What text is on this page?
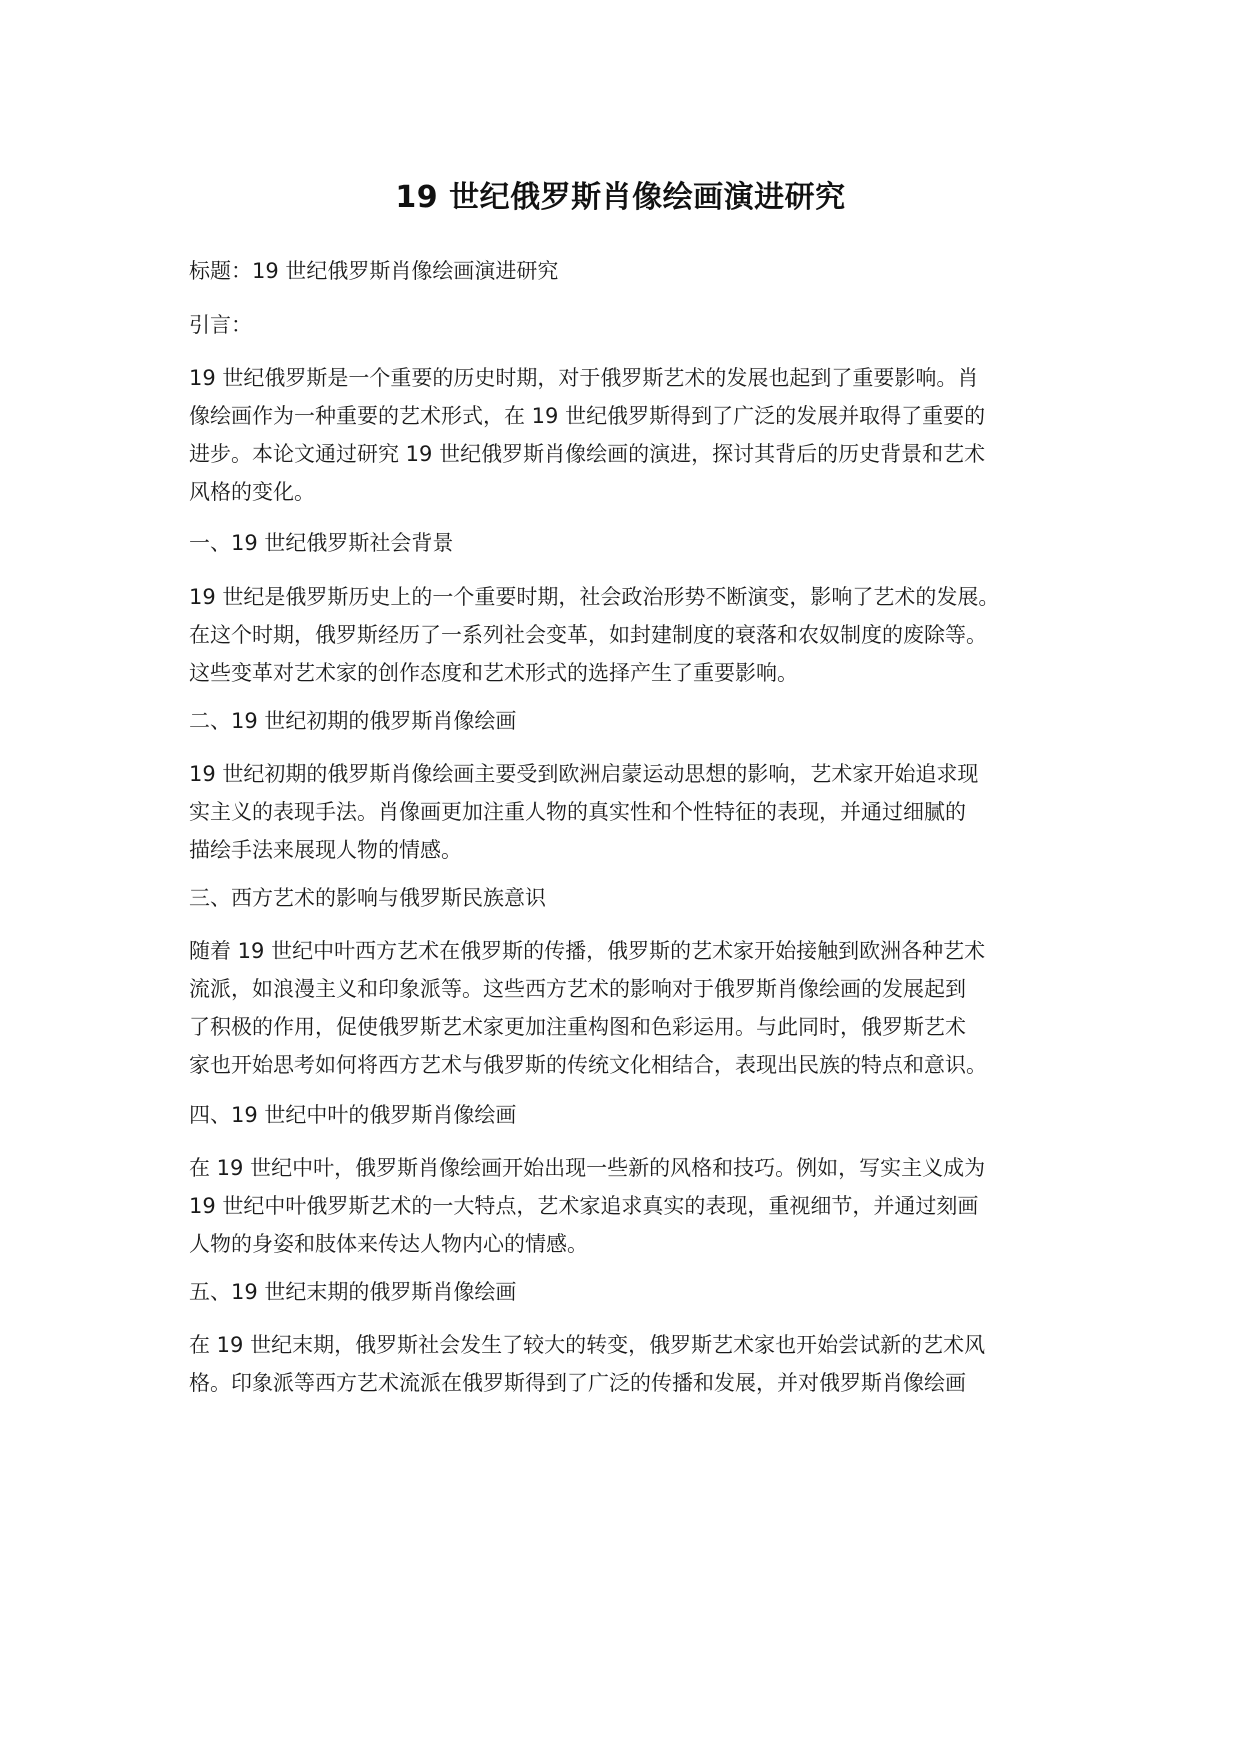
19 世纪俄罗斯肖像绘画演进研究
标题：19 世纪俄罗斯肖像绘画演进研究
引言：
19 世纪俄罗斯是一个重要的历史时期，对于俄罗斯艺术的发展也起到了重要影响。肖
像绘画作为一种重要的艺术形式，在 19 世纪俄罗斯得到了广泛的发展并取得了重要的
进步。本论文通过研究 19 世纪俄罗斯肖像绘画的演进，探讨其背后的历史背景和艺术
风格的变化。
一、19 世纪俄罗斯社会背景
19 世纪是俄罗斯历史上的一个重要时期，社会政治形势不断演变，影响了艺术的发展。
在这个时期，俄罗斯经历了一系列社会变革，如封建制度的衰落和农奴制度的废除等。
这些变革对艺术家的创作态度和艺术形式的选择产生了重要影响。
二、19 世纪初期的俄罗斯肖像绘画
19 世纪初期的俄罗斯肖像绘画主要受到欧洲启蒙运动思想的影响，艺术家开始追求现
实主义的表现手法。肖像画更加注重人物的真实性和个性特征的表现，并通过细腻的
描绘手法来展现人物的情感。
三、西方艺术的影响与俄罗斯民族意识
随着 19 世纪中叶西方艺术在俄罗斯的传播，俄罗斯的艺术家开始接触到欧洲各种艺术
流派，如浪漫主义和印象派等。这些西方艺术的影响对于俄罗斯肖像绘画的发展起到
了积极的作用，促使俄罗斯艺术家更加注重构图和色彩运用。与此同时，俄罗斯艺术
家也开始思考如何将西方艺术与俄罗斯的传统文化相结合，表现出民族的特点和意识。
四、19 世纪中叶的俄罗斯肖像绘画
在 19 世纪中叶，俄罗斯肖像绘画开始出现一些新的风格和技巧。例如，写实主义成为
19 世纪中叶俄罗斯艺术的一大特点，艺术家追求真实的表现，重视细节，并通过刻画
人物的身姿和肢体来传达人物内心的情感。
五、19 世纪末期的俄罗斯肖像绘画
在 19 世纪末期，俄罗斯社会发生了较大的转变，俄罗斯艺术家也开始尝试新的艺术风
格。印象派等西方艺术流派在俄罗斯得到了广泛的传播和发展，并对俄罗斯肖像绘画
